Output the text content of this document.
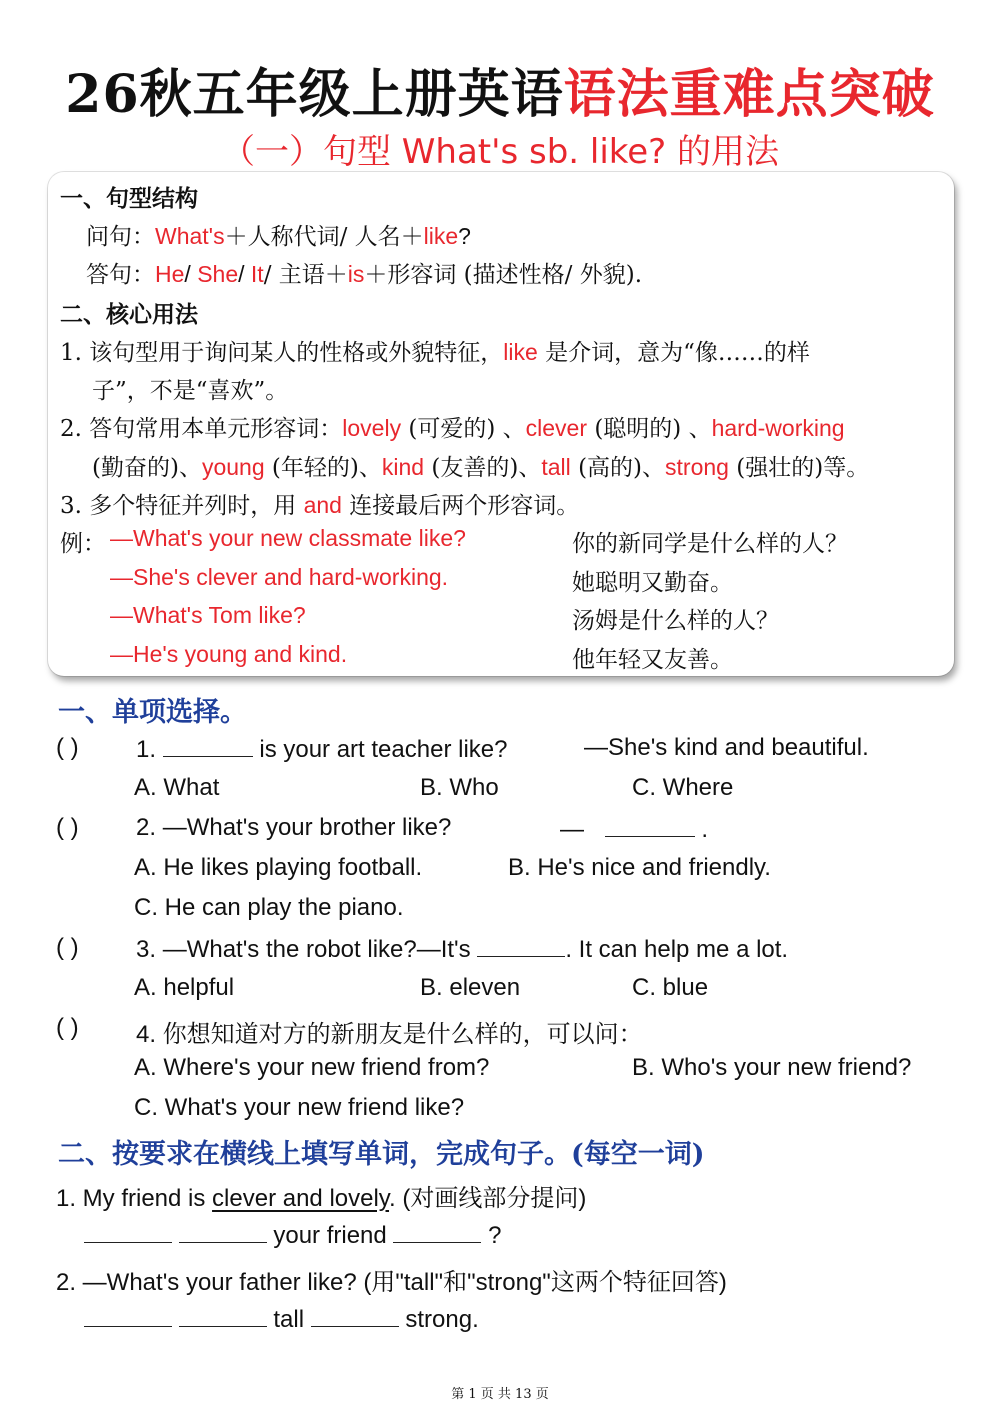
26秋五年级上册英语语法重难点突破
（一）句型 What's sb. like? 的用法
一、句型结构
问句：What's＋人称代词/ 人名＋like?
答句：He/ She/ It/ 主语＋is＋形容词 (描述性格/ 外貌).
二、核心用法
1. 该句型用于询问某人的性格或外貌特征，like 是介词，意为“像……的样
子”，不是“喜欢”。
2. 答句常用本单元形容词：lovely (可爱的) 、clever (聪明的) 、hard-working
(勤奋的)、young (年轻的)、kind (友善的)、tall (高的)、strong (强壮的)等。
3. 多个特征并列时，用 and 连接最后两个形容词。
例： —What's your new classmate like?	你的新同学是什么样的人？
—She's clever and hard-working.	她聪明又勤奋。
—What's Tom like?	汤姆是什么样的人？
—He's young and kind.	他年轻又友善。
一、单项选择。
( ) 1.	is your art teacher like?	—She's kind and beautiful.
A. What	B. Who	C. Where
( ) 2. —What's your brother like?	—	.
A. He likes playing football.	B. He's nice and friendly.
C. He can play the piano.
( ) 3. —What's the robot like?—It's	. It can help me a lot.
A. helpful	B. eleven	C. blue
( ) 4. 你想知道对方的新朋友是什么样的，可以问：
A. Where's your new friend from?	B. Who's your new friend?
C. What's your new friend like?
二、按要求在横线上填写单词，完成句子。(每空一词)
1. My friend is clever and lovely. (对画线部分提问)
your friend	?
2. —What's your father like? (用"tall"和"strong"这两个特征回答)
tall	strong.
第 1 页 共 13 页
